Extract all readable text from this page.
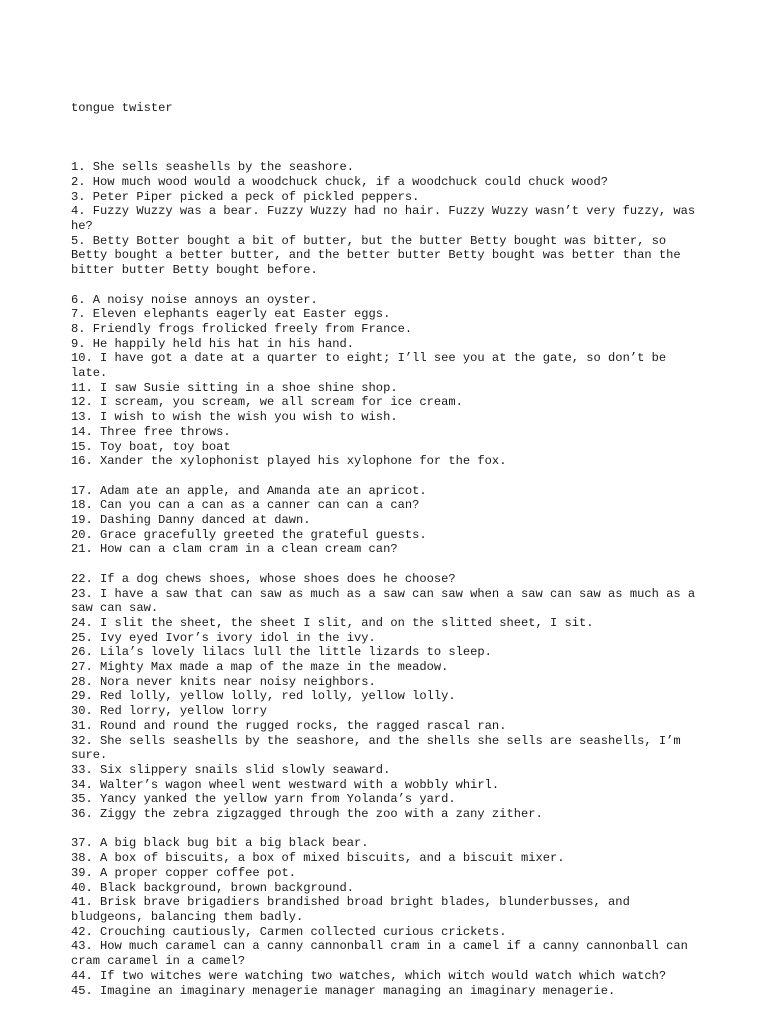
tongue twister

1. She sells seashells by the seashore.
2. How much wood would a woodchuck chuck, if a woodchuck could chuck wood?
3. Peter Piper picked a peck of pickled peppers.
4. Fuzzy Wuzzy was a bear. Fuzzy Wuzzy had no hair. Fuzzy Wuzzy wasn’t very fuzzy, was he?
5. Betty Botter bought a bit of butter, but the butter Betty bought was bitter, so Betty bought a better butter, and the better butter Betty bought was better than the bitter butter Betty bought before.
6. A noisy noise annoys an oyster.
7. Eleven elephants eagerly eat Easter eggs.
8. Friendly frogs frolicked freely from France.
9. He happily held his hat in his hand.
10. I have got a date at a quarter to eight; I’ll see you at the gate, so don’t be late.
11. I saw Susie sitting in a shoe shine shop.
12. I scream, you scream, we all scream for ice cream.
13. I wish to wish the wish you wish to wish.
14. Three free throws.
15. Toy boat, toy boat
16. Xander the xylophonist played his xylophone for the fox.
17. Adam ate an apple, and Amanda ate an apricot.
18. Can you can a can as a canner can can a can?
19. Dashing Danny danced at dawn.
20. Grace gracefully greeted the grateful guests.
21. How can a clam cram in a clean cream can?
22. If a dog chews shoes, whose shoes does he choose?
23. I have a saw that can saw as much as a saw can saw when a saw can saw as much as a saw can saw.
24. I slit the sheet, the sheet I slit, and on the slitted sheet, I sit.
25. Ivy eyed Ivor’s ivory idol in the ivy.
26. Lila’s lovely lilacs lull the little lizards to sleep.
27. Mighty Max made a map of the maze in the meadow.
28. Nora never knits near noisy neighbors.
29. Red lolly, yellow lolly, red lolly, yellow lolly.
30. Red lorry, yellow lorry
31. Round and round the rugged rocks, the ragged rascal ran.
32. She sells seashells by the seashore, and the shells she sells are seashells, I’m sure.
33. Six slippery snails slid slowly seaward.
34. Walter’s wagon wheel went westward with a wobbly whirl.
35. Yancy yanked the yellow yarn from Yolanda’s yard.
36. Ziggy the zebra zigzagged through the zoo with a zany zither.
37. A big black bug bit a big black bear.
38. A box of biscuits, a box of mixed biscuits, and a biscuit mixer.
39. A proper copper coffee pot.
40. Black background, brown background.
41. Brisk brave brigadiers brandished broad bright blades, blunderbusses, and bludgeons, balancing them badly.
42. Crouching cautiously, Carmen collected curious crickets.
43. How much caramel can a canny cannonball cram in a camel if a canny cannonball can cram caramel in a camel?
44. If two witches were watching two watches, which witch would watch which watch?
45. Imagine an imaginary menagerie manager managing an imaginary menagerie.
